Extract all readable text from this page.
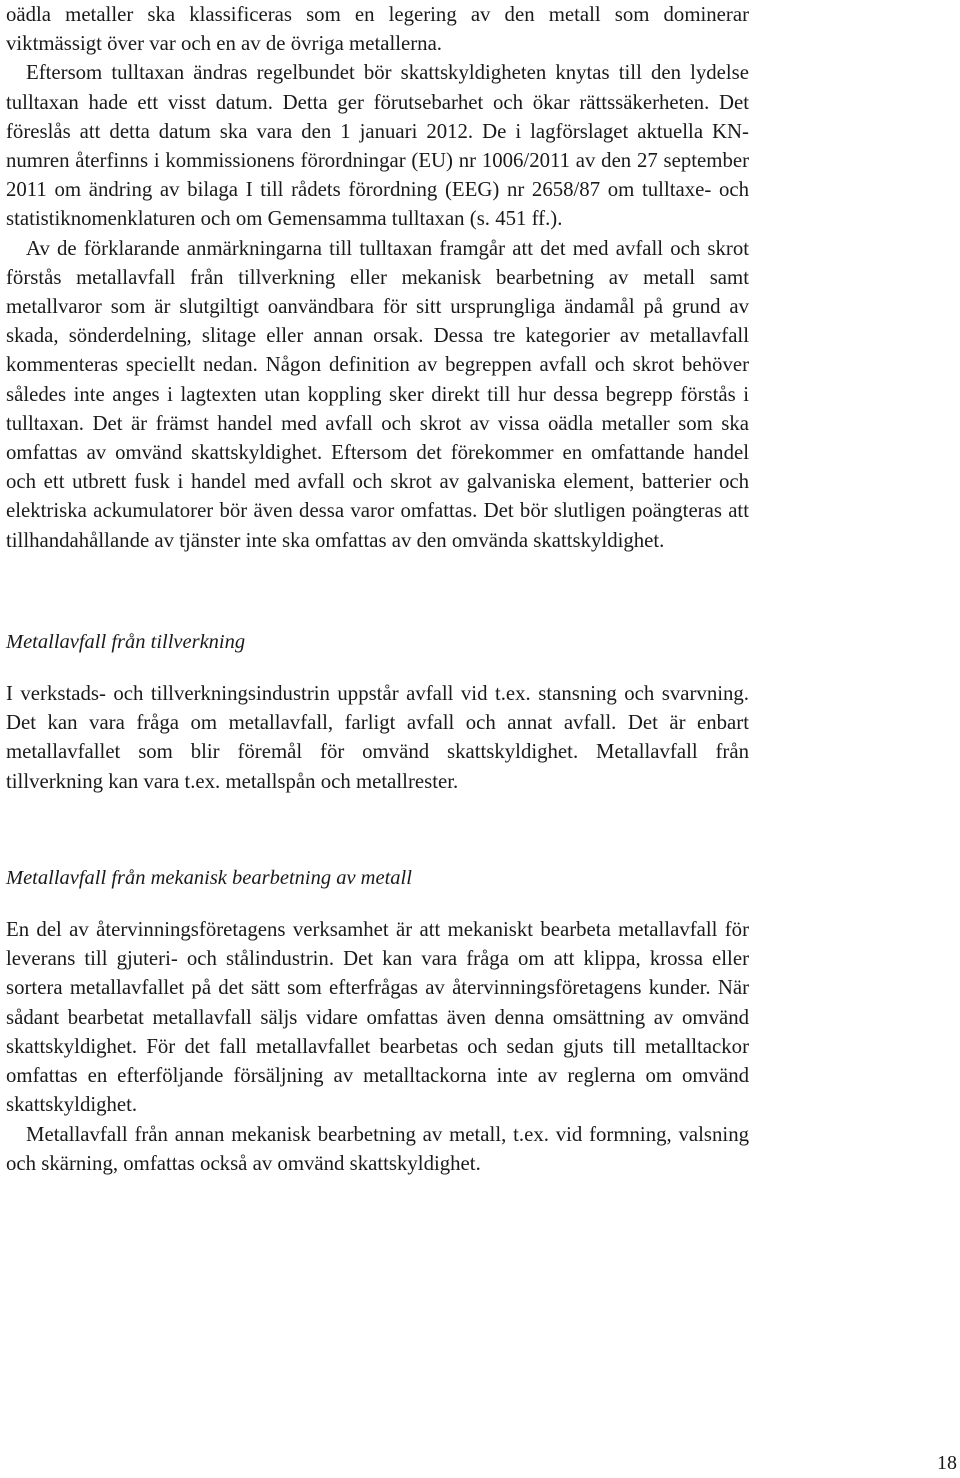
oädla metaller ska klassificeras som en legering av den metall som dominerar viktmässigt över var och en av de övriga metallerna.

Eftersom tulltaxan ändras regelbundet bör skattskyldigheten knytas till den lydelse tulltaxan hade ett visst datum. Detta ger förutsebarhet och ökar rättssäkerheten. Det föreslås att detta datum ska vara den 1 januari 2012. De i lagförslaget aktuella KN-numren återfinns i kommissionens förordningar (EU) nr 1006/2011 av den 27 september 2011 om ändring av bilaga I till rådets förordning (EEG) nr 2658/87 om tulltaxe- och statistiknomenklaturen och om Gemensamma tulltaxan (s. 451 ff.).

Av de förklarande anmärkningarna till tulltaxan framgår att det med avfall och skrot förstås metallavfall från tillverkning eller mekanisk bearbetning av metall samt metallvaror som är slutgiltigt oanvändbara för sitt ursprungliga ändamål på grund av skada, sönderdelning, slitage eller annan orsak. Dessa tre kategorier av metallavfall kommenteras speciellt nedan. Någon definition av begreppen avfall och skrot behöver således inte anges i lagtexten utan koppling sker direkt till hur dessa begrepp förstås i tulltaxan. Det är främst handel med avfall och skrot av vissa oädla metaller som ska omfattas av omvänd skattskyldighet. Eftersom det förekommer en omfattande handel och ett utbrett fusk i handel med avfall och skrot av galvaniska element, batterier och elektriska ackumulatorer bör även dessa varor omfattas. Det bör slutligen poängteras att tillhandahållande av tjänster inte ska omfattas av den omvända skattskyldighet.

Metallavfall från tillverkning

I verkstads- och tillverkningsindustrin uppstår avfall vid t.ex. stansning och svarvning. Det kan vara fråga om metallavfall, farligt avfall och annat avfall. Det är enbart metallavfallet som blir föremål för omvänd skattskyldighet. Metallavfall från tillverkning kan vara t.ex. metallspån och metallrester.

Metallavfall från mekanisk bearbetning av metall

En del av återvinningsföretagens verksamhet är att mekaniskt bearbeta metallavfall för leverans till gjuteri- och stålindustrin. Det kan vara fråga om att klippa, krossa eller sortera metallavfallet på det sätt som efterfrågas av återvinningsföretagens kunder. När sådant bearbetat metallavfall säljs vidare omfattas även denna omsättning av omvänd skattskyldighet. För det fall metallavfallet bearbetas och sedan gjuts till metalltackor omfattas en efterföljande försäljning av metalltackorna inte av reglerna om omvänd skattskyldighet.

Metallavfall från annan mekanisk bearbetning av metall, t.ex. vid formning, valsning och skärning, omfattas också av omvänd skattskyldighet.

18
